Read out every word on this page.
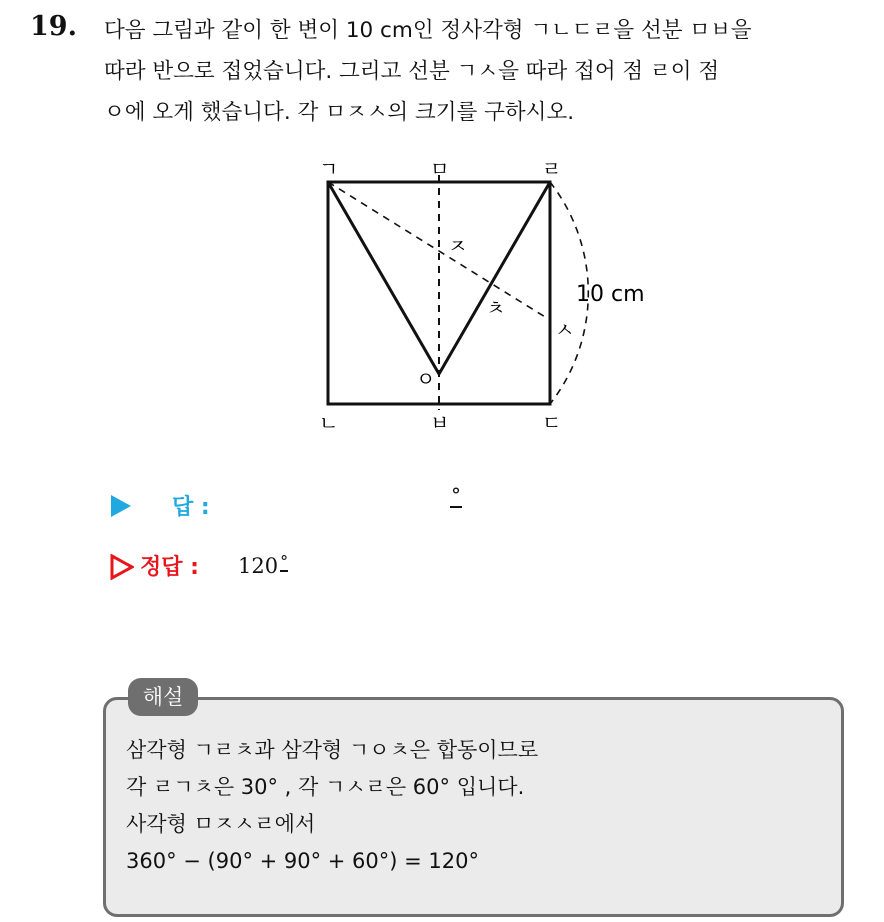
19. 다음 그림과 같이 한 변이 10 cm인 정사각형 ㄱㄴㄷㄹ을 선분 ㅁㅂ을
따라 반으로 접었습니다. 그리고 선분 ㄱㅅ을 따라 접어 점 ㄹ이 점
ㅇ에 오게 했습니다. 각 ㅁㅈㅅ의 크기를 구하시오.
ㄱ	ㅁ	ㄹ
ㄴ	ㅂ	ㄷ
ㅈ
ㅊ
ㅅ
ㅇ
10 cm
답 :	°
정답 : 120 °
해설
삼각형 ㄱㄹㅊ과 삼각형 ㄱㅇㅊ은 합동이므로
각 ㄹㄱㅊ은 30° , 각 ㄱㅅㄹ은 60° 입니다.
사각형 ㅁㅈㅅㄹ에서
360° − (90° + 90° + 60°) = 120°
